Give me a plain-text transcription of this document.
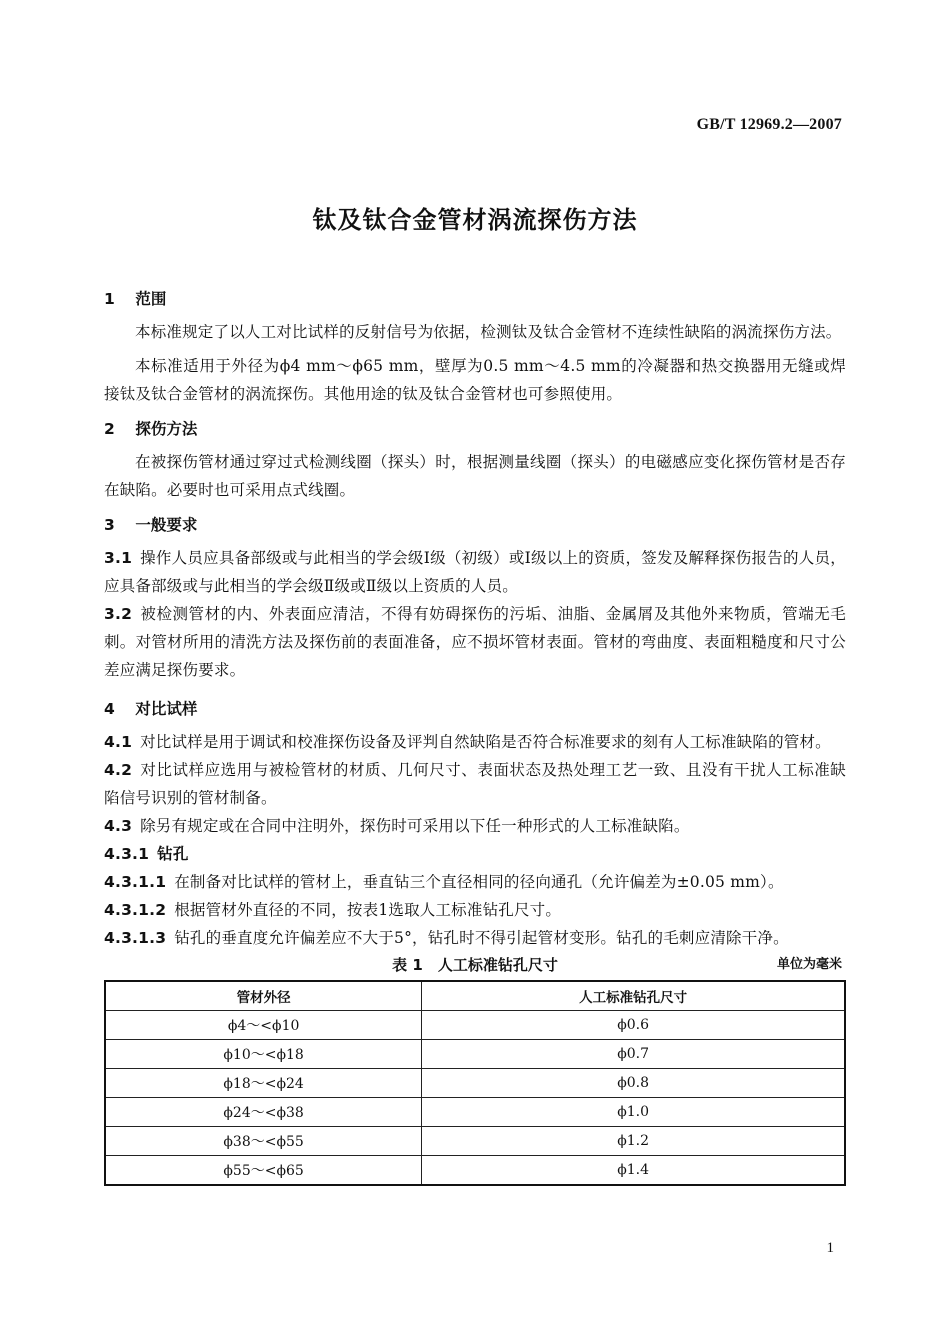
GB/T 12969.2—2007
钛及钛合金管材涡流探伤方法
1 范围

本标准规定了以人工对比试样的反射信号为依据，检测钛及钛合金管材不连续性缺陷的涡流探伤方法。

本标准适用于外径为ϕ4 mm～ϕ65 mm，壁厚为0.5 mm～4.5 mm的冷凝器和热交换器用无缝或焊接钛及钛合金管材的涡流探伤。其他用途的钛及钛合金管材也可参照使用。

2 探伤方法

在被探伤管材通过穿过式检测线圈（探头）时，根据测量线圈（探头）的电磁感应变化探伤管材是否存在缺陷。必要时也可采用点式线圈。

3 一般要求

3.1 操作人员应具备部级或与此相当的学会级Ⅰ级（初级）或Ⅰ级以上的资质，签发及解释探伤报告的人员，应具备部级或与此相当的学会级Ⅱ级或Ⅱ级以上资质的人员。

3.2 被检测管材的内、外表面应清洁，不得有妨碍探伤的污垢、油脂、金属屑及其他外来物质，管端无毛刺。对管材所用的清洗方法及探伤前的表面准备，应不损坏管材表面。管材的弯曲度、表面粗糙度和尺寸公差应满足探伤要求。

4 对比试样

4.1 对比试样是用于调试和校准探伤设备及评判自然缺陷是否符合标准要求的刻有人工标准缺陷的管材。

4.2 对比试样应选用与被检管材的材质、几何尺寸、表面状态及热处理工艺一致、且没有干扰人工标准缺陷信号识别的管材制备。

4.3 除另有规定或在合同中注明外，探伤时可采用以下任一种形式的人工标准缺陷。

4.3.1 钻孔

4.3.1.1 在制备对比试样的管材上，垂直钻三个直径相同的径向通孔（允许偏差为±0.05 mm）。

4.3.1.2 根据管材外直径的不同，按表1选取人工标准钻孔尺寸。

4.3.1.3 钻孔的垂直度允许偏差应不大于5°，钻孔时不得引起管材变形。钻孔的毛刺应清除干净。

表 1　人工标准钻孔尺寸	单位为毫米
管材外径	人工标准钻孔尺寸
ϕ4～<ϕ10	ϕ0.6
ϕ10～<ϕ18	ϕ0.7
ϕ18～<ϕ24	ϕ0.8
ϕ24～<ϕ38	ϕ1.0
ϕ38～<ϕ55	ϕ1.2
ϕ55～<ϕ65	ϕ1.4
1
